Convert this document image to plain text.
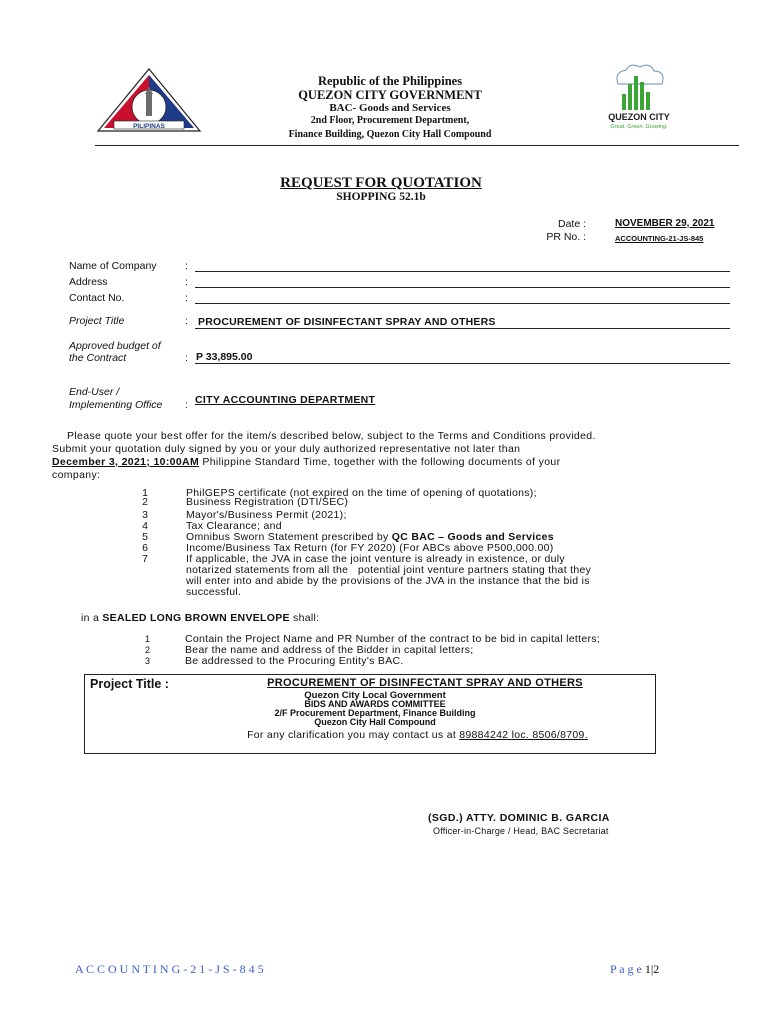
PILIPINAS
Republic of the Philippines
QUEZON CITY GOVERNMENT
BAC- Goods and Services
2nd Floor, Procurement Department,
Finance Building, Quezon City Hall Compound
QUEZON CITY
Great. Green. Growing.
REQUEST FOR QUOTATION
SHOPPING 52.1b
Date :	NOVEMBER 29, 2021
PR No. :	ACCOUNTING-21-JS-845
Name of Company	:
Address	:
Contact No.	:
Project Title	: PROCUREMENT OF DISINFECTANT SPRAY AND OTHERS
Approved budget of
the Contract	: P 33,895.00
End-User /
Implementing Office : CITY ACCOUNTING DEPARTMENT
Please quote your best offer for the item/s described below, subject to the Terms and Conditions provided.
Submit your quotation duly signed by you or your duly authorized representative not later than
December 3, 2021; 10:00AM Philippine Standard Time, together with the following documents of your
company:
1	PhilGEPS certificate (not expired on the time of opening of quotations);
2	Business Registration (DTI/SEC)
3	Mayor's/Business Permit (2021);
4	Tax Clearance; and
5	Omnibus Sworn Statement prescribed by QC BAC – Goods and Services
6	Income/Business Tax Return (for FY 2020) (For ABCs above P500,000.00)
7	If applicable, the JVA in case the joint venture is already in existence, or duly
notarized statements from all the   potential joint venture partners stating that they
will enter into and abide by the provisions of the JVA in the instance that the bid is
successful.
in a SEALED LONG BROWN ENVELOPE shall:
1	Contain the Project Name and PR Number of the contract to be bid in capital letters;
2	Bear the name and address of the Bidder in capital letters;
3	Be addressed to the Procuring Entity's BAC.
Project Title :	PROCUREMENT OF DISINFECTANT SPRAY AND OTHERS
Quezon City Local Government
BIDS AND AWARDS COMMITTEE
2/F Procurement Department, Finance Building
Quezon City Hall Compound
For any clarification you may contact us at 89884242 loc. 8506/8709.
(SGD.) ATTY. DOMINIC B. GARCIA
Officer-in-Charge / Head, BAC Secretariat
A C C O U N T I N G - 2 1 - J S - 8 4 5	P a g e 1|2
